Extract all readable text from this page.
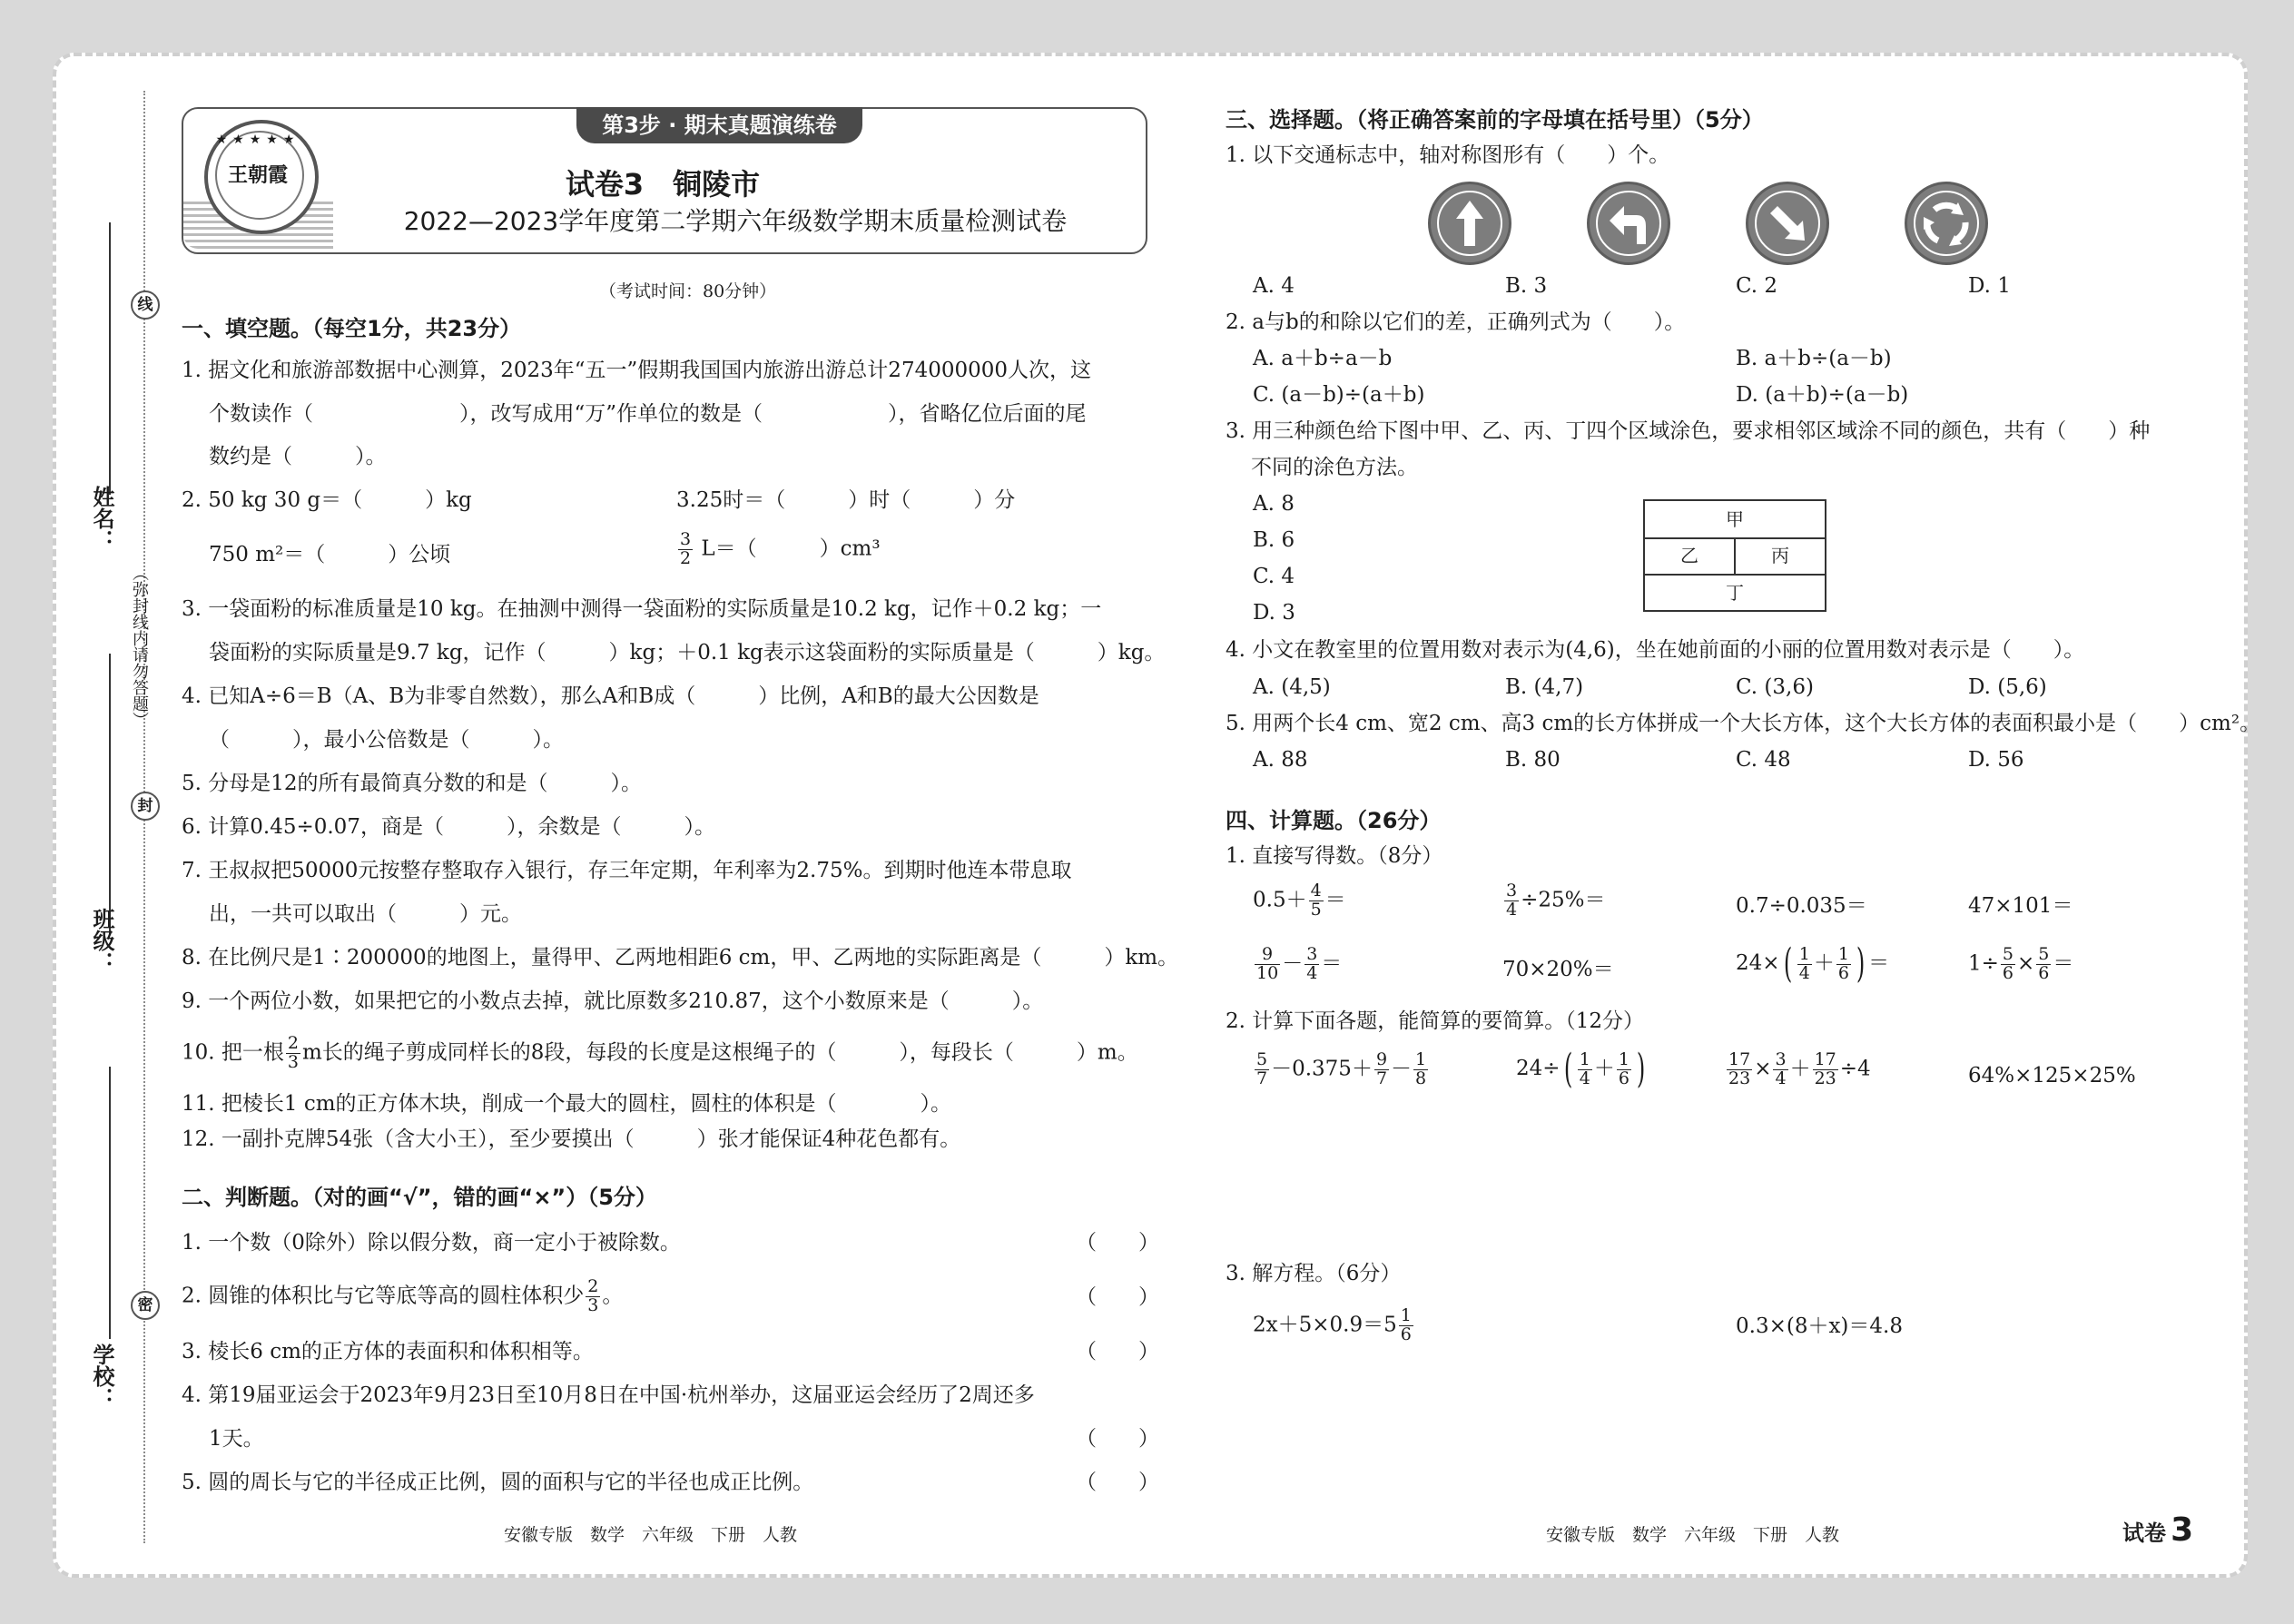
线
封
密
（弥封线内请勿答题）
姓名：
班级：
学校：
★★★★★
王朝霞
第3步 · 期末真题演练卷
试卷3　铜陵市
2022—2023学年度第二学期六年级数学期末质量检测试卷
（考试时间：80分钟）
一、填空题。（每空1分，共23分）
1. 据文化和旅游部数据中心测算，2023年“五一”假期我国国内旅游出游总计274000000人次，这
个数读作（　　　　　　　），改写成用“万”作单位的数是（　　　　　　），省略亿位后面的尾
数约是（　　　）。
2. 50 kg 30 g＝（　　　）kg	3.25时＝（　　　）时（　　　）分
750 m²＝（　　　）公顷	$\frac{3}{2} L=$（　　　）cm³
3. 一袋面粉的标准质量是10 kg。在抽测中测得一袋面粉的实际质量是10.2 kg，记作＋0.2 kg；一
袋面粉的实际质量是9.7 kg，记作（　　　）kg；＋0.1 kg表示这袋面粉的实际质量是（　　　）kg。
4. 已知A÷6＝B（A、B为非零自然数），那么A和B成（　　　）比例，A和B的最大公因数是
（　　　），最小公倍数是（　　　）。
5. 分母是12的所有最简真分数的和是（　　　）。
6. 计算0.45÷0.07，商是（　　　），余数是（　　　）。
7. 王叔叔把50000元按整存整取存入银行，存三年定期，年利率为2.75%。到期时他连本带息取
出，一共可以取出（　　　）元。
8. 在比例尺是1∶200000的地图上，量得甲、乙两地相距6 cm，甲、乙两地的实际距离是（　　　）km。
9. 一个两位小数，如果把它的小数点去掉，就比原数多210.87，这个小数原来是（　　　）。
10. 把一根 $\frac{2}{3}$ m长的绳子剪成同样长的8段，每段的长度是这根绳子的（　　　），每段长（　　　）m。
11. 把棱长1 cm的正方体木块，削成一个最大的圆柱，圆柱的体积是（　　　　）。
12. 一副扑克牌54张（含大小王），至少要摸出（　　　）张才能保证4种花色都有。
二、判断题。（对的画“√”，错的画“×”）（5分）
1. 一个数（0除外）除以假分数，商一定小于被除数。	（　　）
2. 圆锥的体积比与它等底等高的圆柱体积少 $\frac{2}{3}$ 。	（　　）
3. 棱长6 cm的正方体的表面积和体积相等。	（　　）
4. 第19届亚运会于2023年9月23日至10月8日在中国·杭州举办，这届亚运会经历了2周还多
1天。	（　　）
5. 圆的周长与它的半径成正比例，圆的面积与它的半径也成正比例。	（　　）
安徽专版　数学　六年级　下册　人教
三、选择题。（将正确答案前的字母填在括号里）（5分）
1. 以下交通标志中，轴对称图形有（　　）个。
A. 4	B. 3	C. 2	D. 1
2. a与b的和除以它们的差，正确列式为（　　）。
A. a＋b÷a－b	B. a＋b÷(a－b)
C. (a－b)÷(a＋b)	D. (a＋b)÷(a－b)
3. 用三种颜色给下图中甲、乙、丙、丁四个区域涂色，要求相邻区域涂不同的颜色，共有（　　）种
不同的涂色方法。
A. 8
B. 6
C. 4
D. 3
甲
乙	丙
丁
4. 小文在教室里的位置用数对表示为(4,6)，坐在她前面的小丽的位置用数对表示是（　　）。
A. (4,5)	B. (4,7)	C. (3,6)	D. (5,6)
5. 用两个长4 cm、宽2 cm、高3 cm的长方体拼成一个大长方体，这个大长方体的表面积最小是（　　）cm²。
A. 88	B. 80	C. 48	D. 56
四、计算题。（26分）
1. 直接写得数。（8分）
$0.5+ \frac{4}{5}$ ＝	$\frac{3}{4} \div 25\%=$	0.7÷0.035＝	47×101＝
$\frac{9}{10} - \frac{3}{4}$ ＝	70×20%＝	$24\times( \frac{1}{4} + \frac{1}{6}$ ) ＝	$1\div \frac{5}{6} \times \frac{5}{6}$ ＝
2. 计算下面各题，能简算的要简算。（12分）
$\frac{5}{7} -0.375+ \frac{9}{7} - \frac{1}{8}$	$24\div( \frac{1}{4} + \frac{1}{6}$ )	$\frac{17}{23} \times \frac{3}{4} + \frac{17}{23} \div 4$	64%×125×25%
3. 解方程。（6分）
$2x+5\times 0.9=5 \frac{1}{6}$	0.3×(8＋x)＝4.8
安徽专版　数学　六年级　下册　人教	试卷 3
